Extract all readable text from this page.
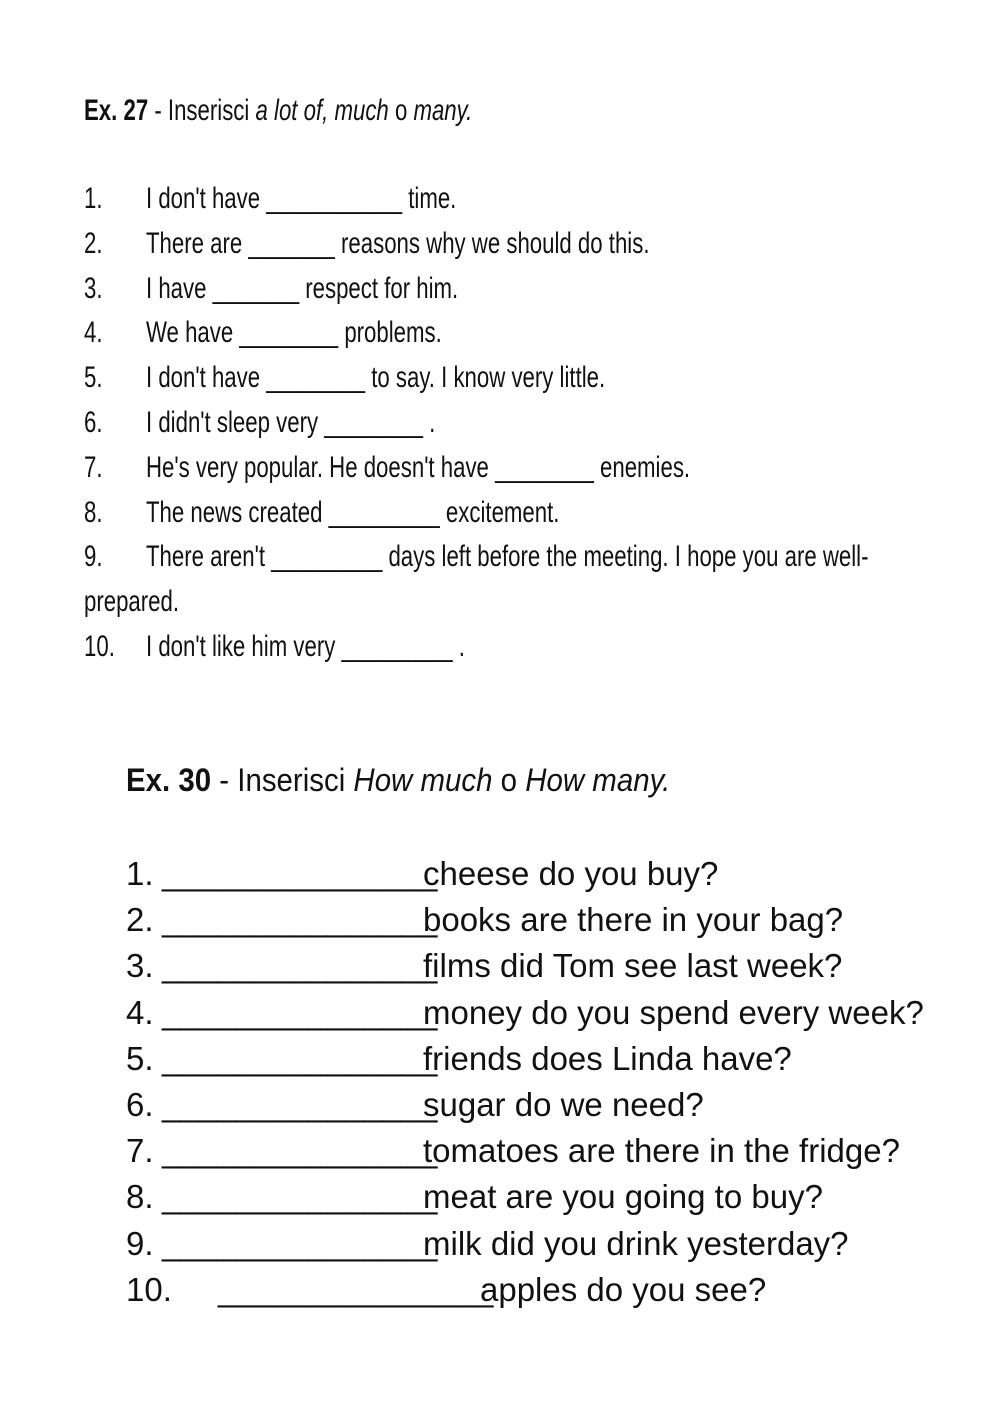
Ex. 27 - Inserisci a lot of, much o many.
1. I don't have ___________ time.
2. There are _______ reasons why we should do this.
3. I have _______ respect for him.
4. We have ________ problems.
5. I don't have ________ to say. I know very little.
6. I didn't sleep very ________ .
7. He's very popular. He doesn't have ________ enemies.
8. The news created _________ excitement.
9. There aren't _________ days left before the meeting. I hope you are well-
prepared.
10. I don't like him very _________ .
Ex. 30 - Inserisci How much o How many.
1. _______________
cheese do you buy?
2. _______________
books are there in your bag?
3. _______________
films did Tom see last week?
4. _______________
money do you spend every week?
5. _______________
friends does Linda have?
6. _______________
sugar do we need?
7. _______________
tomatoes are there in the fridge?
8. _______________
meat are you going to buy?
9. _______________
milk did you drink yesterday?
10. _______________
apples do you see?
